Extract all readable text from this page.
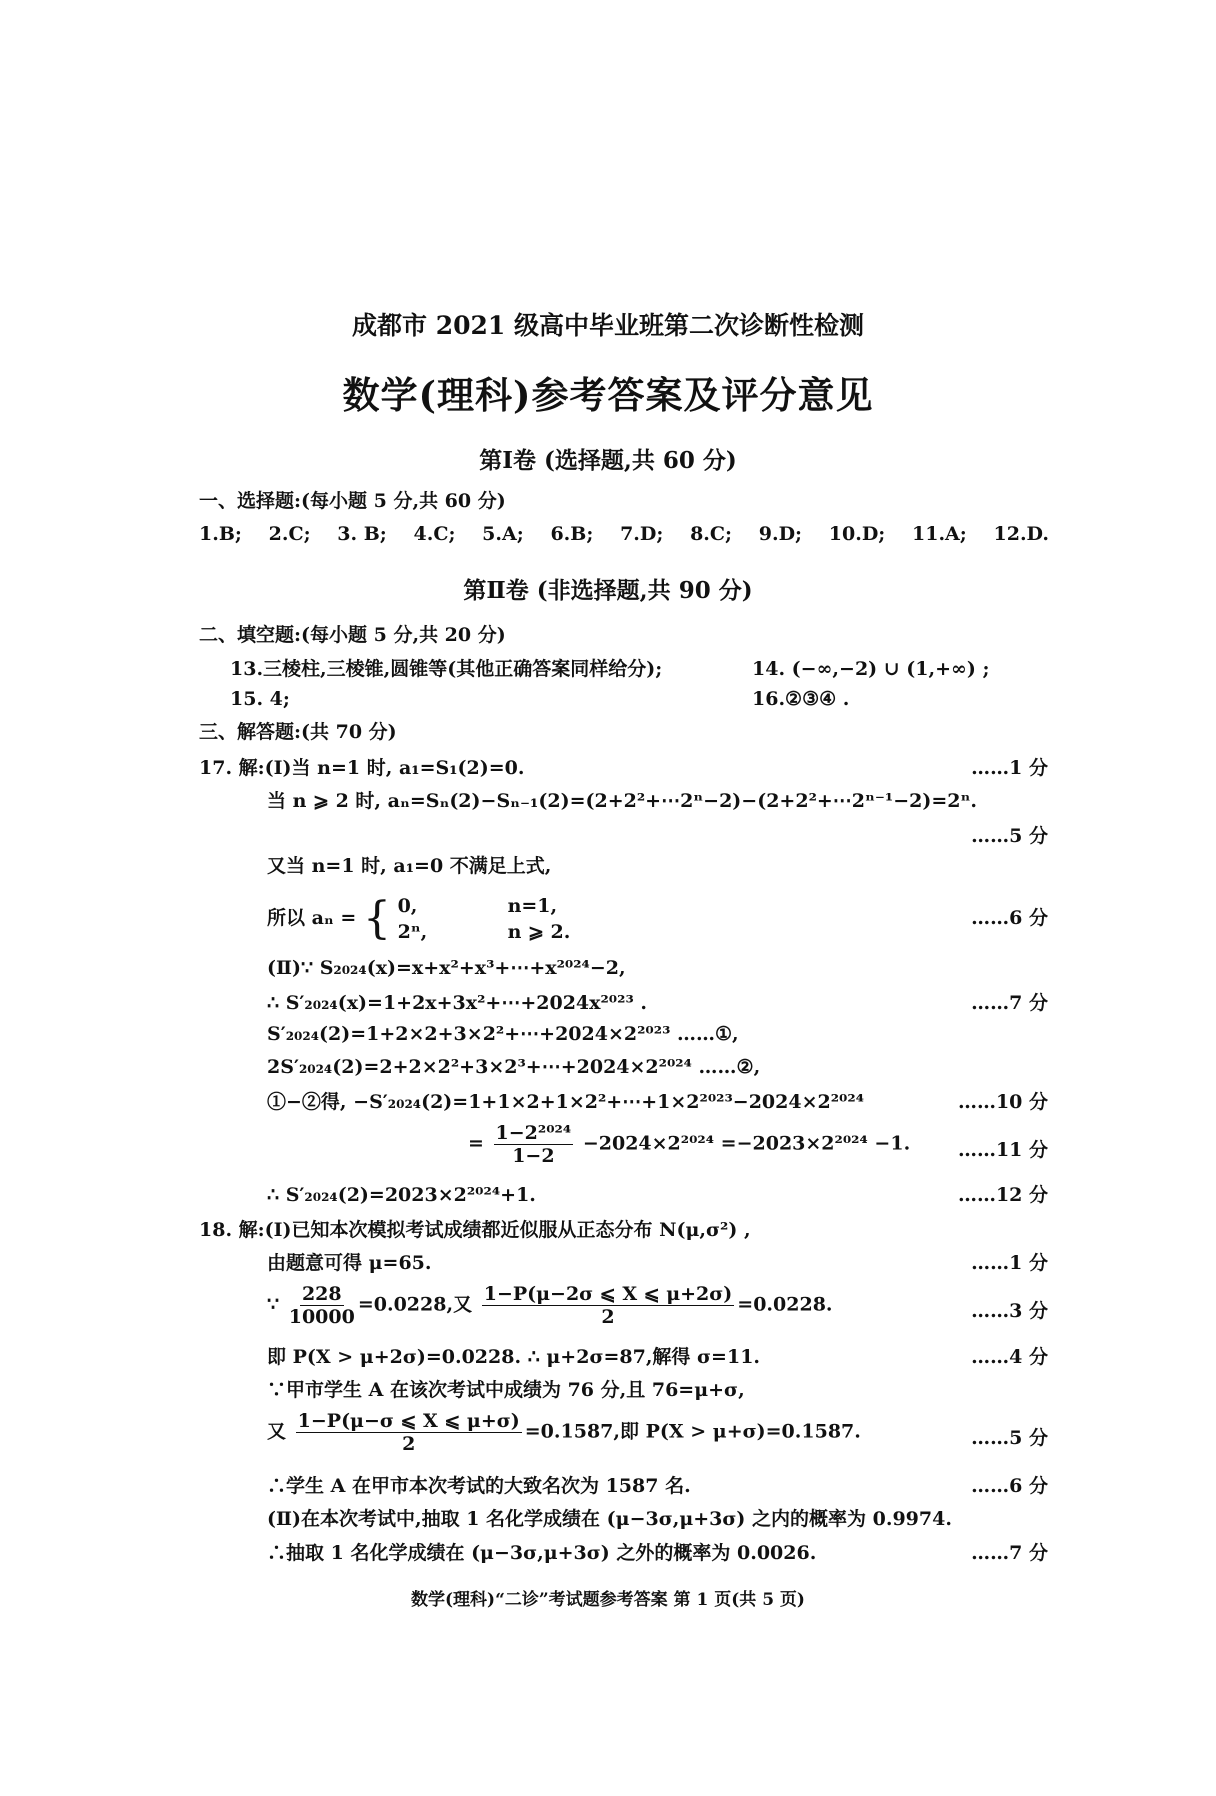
成都市 2021 级高中毕业班第二次诊断性检测
数学(理科)参考答案及评分意见
第Ⅰ卷 (选择题,共 60 分)
一、选择题:(每小题 5 分,共 60 分)
1.B; 2.C; 3. B; 4.C; 5.A; 6.B; 7.D; 8.C; 9.D; 10.D; 11.A; 12.D.
第Ⅱ卷 (非选择题,共 90 分)
二、填空题:(每小题 5 分,共 20 分)
13.三棱柱,三棱锥,圆锥等(其他正确答案同样给分);	14. (−∞,−2) ∪ (1,+∞) ;
15. 4;	16.②③④ .
三、解答题:(共 70 分)
17. 解:(Ⅰ)当 n=1 时, a₁=S₁(2)=0.	……1 分
当 n ⩾ 2 时, aₙ=Sₙ(2)−Sₙ₋₁(2)=(2+2²+⋯2ⁿ−2)−(2+2²+⋯2ⁿ⁻¹−2)=2ⁿ.
……5 分
又当 n=1 时, a₁=0 不满足上式,
所以 aₙ = { 0,	n=1,
2ⁿ,	n ⩾ 2.
……6 分
(Ⅱ)∵ S₂₀₂₄(x)=x+x²+x³+⋯+x²⁰²⁴−2,
∴ S′₂₀₂₄(x)=1+2x+3x²+⋯+2024x²⁰²³ .	……7 分
S′₂₀₂₄(2)=1+2×2+3×2²+⋯+2024×2²⁰²³ ……①,
2S′₂₀₂₄(2)=2+2×2²+3×2³+⋯+2024×2²⁰²⁴ ……②,
①−②得, −S′₂₀₂₄(2)=1+1×2+1×2²+⋯+1×2²⁰²³−2024×2²⁰²⁴	……10 分
= $\frac{\text{1−2²⁰²⁴}}{1-2} -2024\times 2^{2024} =-2023\times 2^{2024} -1$.	……11 分
∴ S′₂₀₂₄(2)=2023×2²⁰²⁴+1.	……12 分
18. 解:(Ⅰ)已知本次模拟考试成绩都近似服从正态分布 N(μ,σ²) ,
由题意可得 μ=65.	……1 分
∵ $\frac{228}{10000} =0.0228$,又 $\frac{1-P(\mu-2\sigma ⩽ X ⩽ \mu+2\sigma)}{2} =0.0228$.	……3 分
即 P(X > μ+2σ)=0.0228. ∴ μ+2σ=87,解得 σ=11.	……4 分
∵甲市学生 A 在该次考试中成绩为 76 分,且 76=μ+σ,
又 $\frac{1-P(\mu-\sigma ⩽ X ⩽ \mu+\sigma)}{2} =0.1587$,即 P(X > μ+σ)=0.1587.	……5 分
∴学生 A 在甲市本次考试的大致名次为 1587 名.	……6 分
(Ⅱ)在本次考试中,抽取 1 名化学成绩在 (μ−3σ,μ+3σ) 之内的概率为 0.9974.
∴抽取 1 名化学成绩在 (μ−3σ,μ+3σ) 之外的概率为 0.0026.	……7 分
数学(理科)“二诊”考试题参考答案 第 1 页(共 5 页)
